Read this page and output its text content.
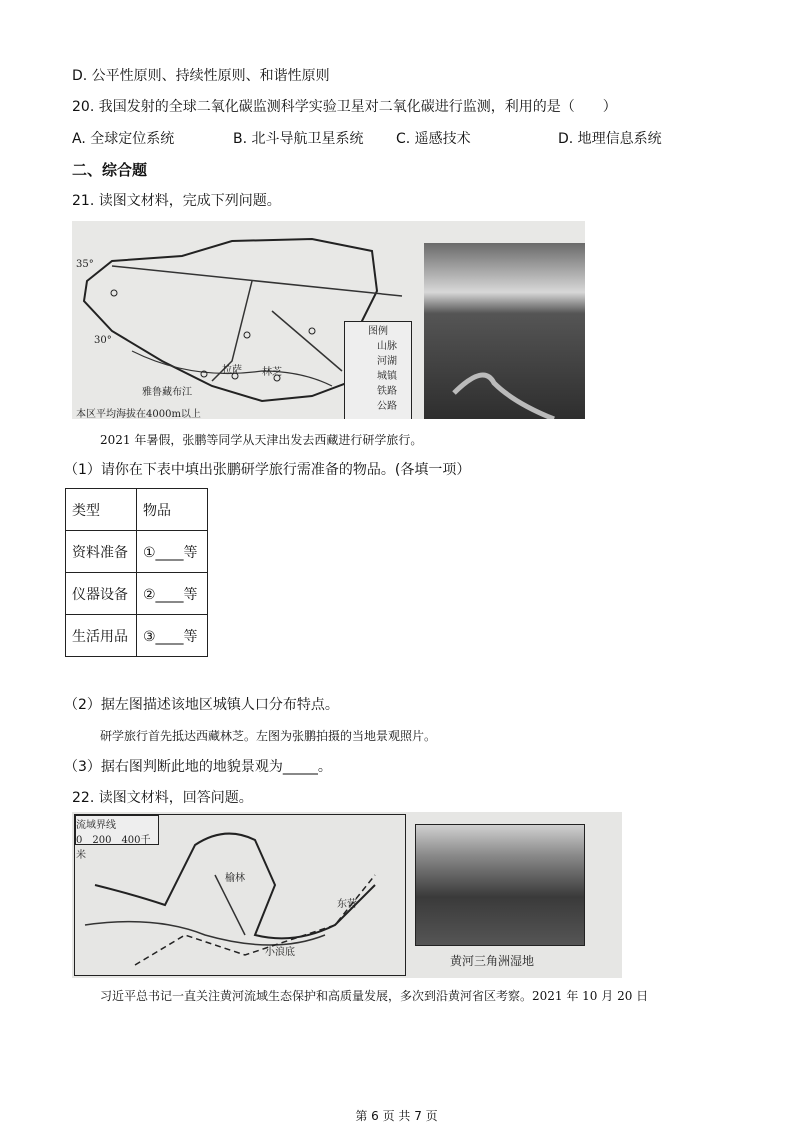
D. 公平性原则、持续性原则、和谐性原则
20. 我国发射的全球二氧化碳监测科学实验卫星对二氧化碳进行监测，利用的是（　　）
A. 全球定位系统	B. 北斗导航卫星系统 C. 遥感技术	D. 地理信息系统
二、综合题
21. 读图文材料，完成下列问题。
35°
30°
拉萨 林芝
雅鲁藏布江
本区平均海拔在4000m以上
图例
山脉
河湖
城镇
铁路
公路
2021 年暑假，张鹏等同学从天津出发去西藏进行研学旅行。
（1）请你在下表中填出张鹏研学旅行需准备的物品。(各填一项）
类型	物品
资料准备	①____等
仪器设备	②____等
生活用品	③____等
（2）据左图描述该地区城镇人口分布特点。
研学旅行首先抵达西藏林芝。左图为张鹏拍摄的当地景观照片。
（3）据右图判断此地的地貌景观为_____。
22. 读图文材料，回答问题。
流域界线
0　200　400千米
榆林
小浪底
东营
黄河三角洲湿地
习近平总书记一直关注黄河流域生态保护和高质量发展，多次到沿黄河省区考察。2021 年 10 月 20 日
第 6 页 共 7 页
